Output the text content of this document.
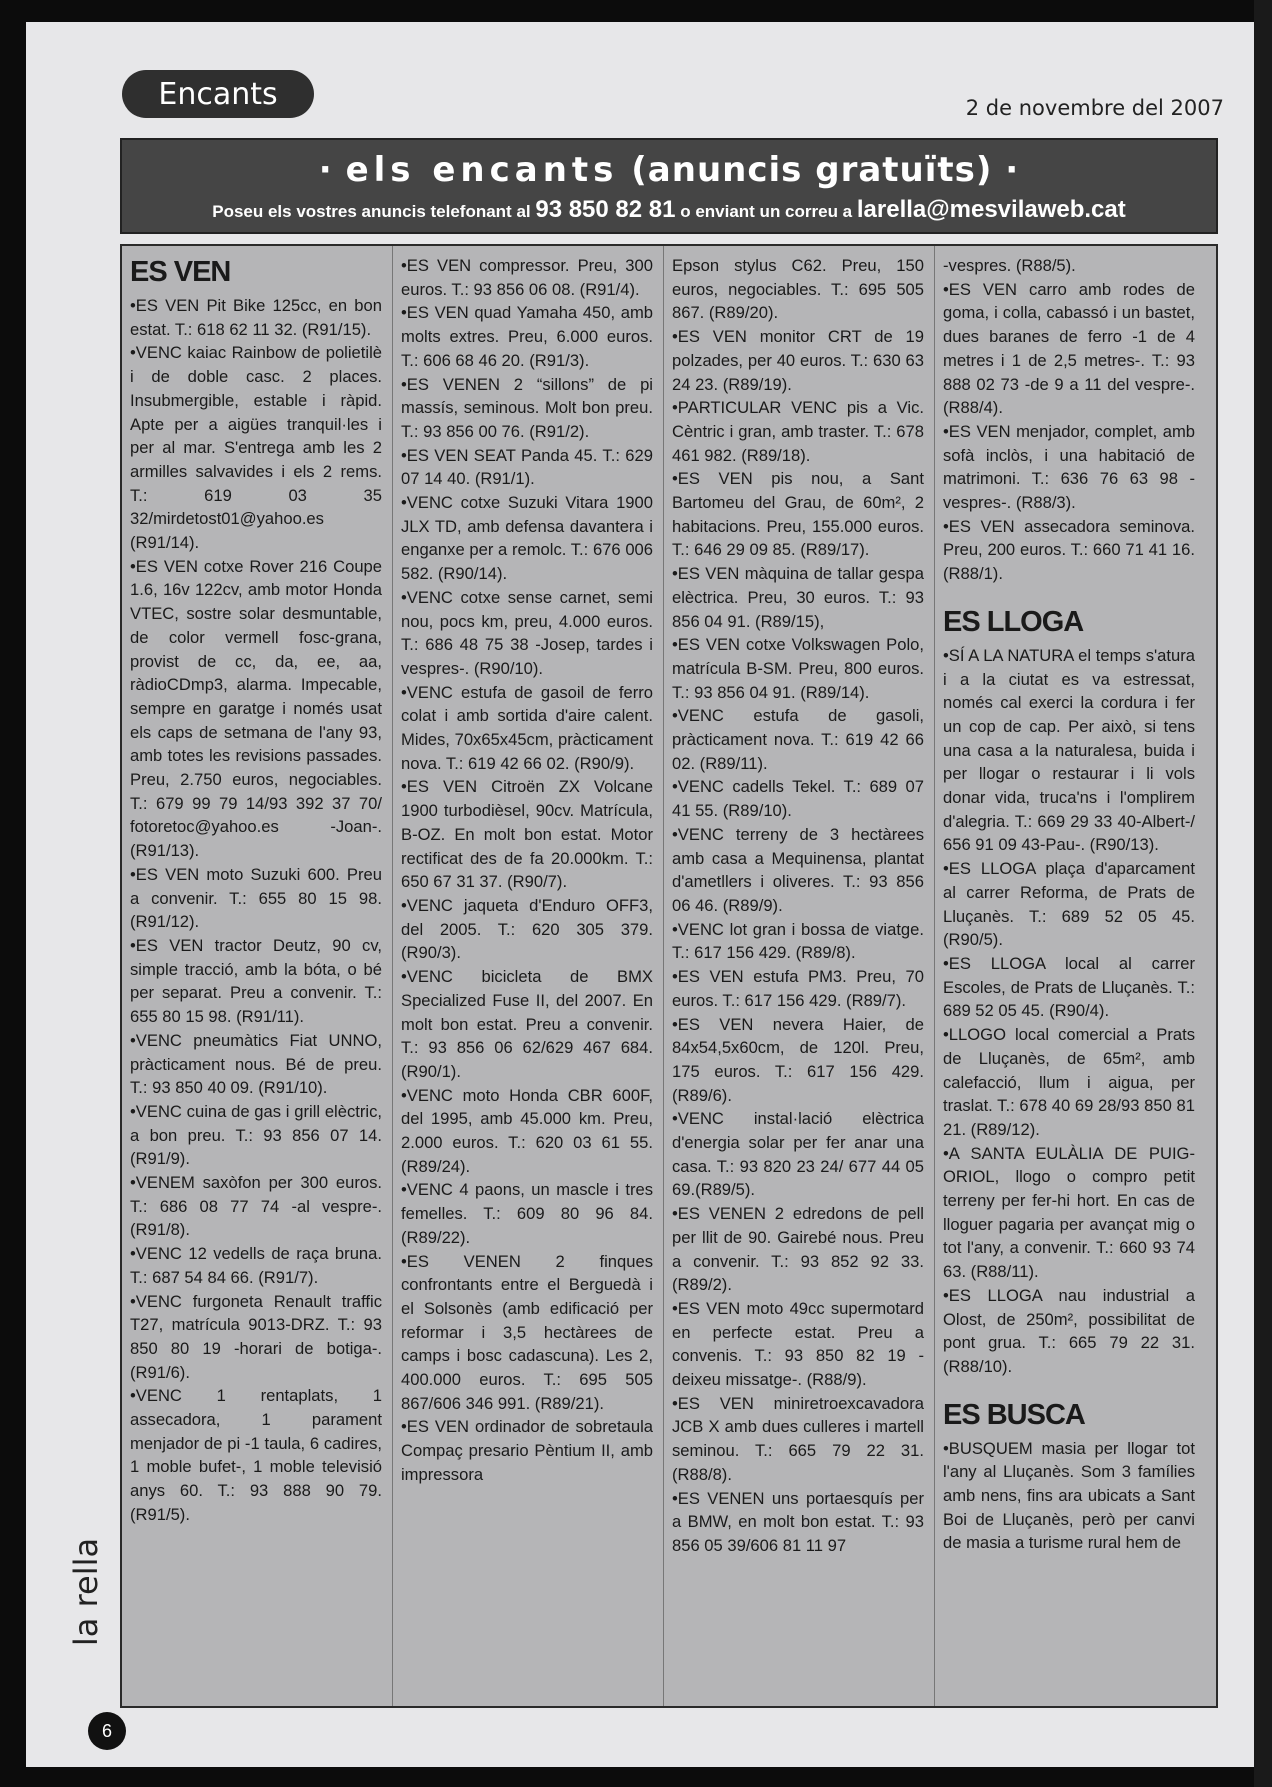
Encants	2 de novembre del 2007
· els encants (anuncis gratuïts) ·
Poseu els vostres anuncis telefonant al 93 850 82 81 o enviant un correu a larella@mesvilaweb.cat
ES VEN

•ES VEN Pit Bike 125cc, en bon estat. T.: 618 62 11 32. (R91/15).

•VENC kaiac Rainbow de polietilè i de doble casc. 2 places. Insubmergible, estable i ràpid. Apte per a aigües tranquil·les i per al mar. S'entrega amb les 2 armilles salvavides i els 2 rems. T.: 619 03 35 32/mirdetost01@yahoo.es (R91/14).

•ES VEN cotxe Rover 216 Coupe 1.6, 16v 122cv, amb motor Honda VTEC, sostre solar desmuntable, de color vermell fosc-grana, provist de cc, da, ee, aa, ràdioCDmp3, alarma. Impecable, sempre en garatge i només usat els caps de setmana de l'any 93, amb totes les revisions passades. Preu, 2.750 euros, negociables. T.: 679 99 79 14/93 392 37 70/ fotoretoc@yahoo.es -Joan-. (R91/13).

•ES VEN moto Suzuki 600. Preu a convenir. T.: 655 80 15 98. (R91/12).

•ES VEN tractor Deutz, 90 cv, simple tracció, amb la bóta, o bé per separat. Preu a convenir. T.: 655 80 15 98. (R91/11).

•VENC pneumàtics Fiat UNNO, pràcticament nous. Bé de preu. T.: 93 850 40 09. (R91/10).

•VENC cuina de gas i grill elèctric, a bon preu. T.: 93 856 07 14. (R91/9).

•VENEM saxòfon per 300 euros. T.: 686 08 77 74 -al vespre-. (R91/8).

•VENC 12 vedells de raça bruna. T.: 687 54 84 66. (R91/7).

•VENC furgoneta Renault traffic T27, matrícula 9013-DRZ. T.: 93 850 80 19 -horari de botiga-. (R91/6).

•VENC 1 rentaplats, 1 assecadora, 1 parament menjador de pi -1 taula, 6 cadires, 1 moble bufet-, 1 moble televisió anys 60. T.: 93 888 90 79. (R91/5).

•ES VEN compressor. Preu, 300 euros. T.: 93 856 06 08. (R91/4).

•ES VEN quad Yamaha 450, amb molts extres. Preu, 6.000 euros. T.: 606 68 46 20. (R91/3).

•ES VENEN 2 “sillons” de pi massís, seminous. Molt bon preu. T.: 93 856 00 76. (R91/2).

•ES VEN SEAT Panda 45. T.: 629 07 14 40. (R91/1).

•VENC cotxe Suzuki Vitara 1900 JLX TD, amb defensa davantera i enganxe per a remolc. T.: 676 006 582. (R90/14).

•VENC cotxe sense carnet, semi nou, pocs km, preu, 4.000 euros. T.: 686 48 75 38 -Josep, tardes i vespres-. (R90/10).

•VENC estufa de gasoil de ferro colat i amb sortida d'aire calent. Mides, 70x65x45cm, pràcticament nova. T.: 619 42 66 02. (R90/9).

•ES VEN Citroën ZX Volcane 1900 turbodièsel, 90cv. Matrícula, B-OZ. En molt bon estat. Motor rectificat des de fa 20.000km. T.: 650 67 31 37. (R90/7).

•VENC jaqueta d'Enduro OFF3, del 2005. T.: 620 305 379. (R90/3).

•VENC bicicleta de BMX Specialized Fuse II, del 2007. En molt bon estat. Preu a convenir. T.: 93 856 06 62/629 467 684. (R90/1).

•VENC moto Honda CBR 600F, del 1995, amb 45.000 km. Preu, 2.000 euros. T.: 620 03 61 55. (R89/24).

•VENC 4 paons, un mascle i tres femelles. T.: 609 80 96 84. (R89/22).

•ES VENEN 2 finques confrontants entre el Berguedà i el Solsonès (amb edificació per reformar i 3,5 hectàrees de camps i bosc cadascuna). Les 2, 400.000 euros. T.: 695 505 867/606 346 991. (R89/21).

•ES VEN ordinador de sobretaula Compaç presario Pèntium II, amb impressora

Epson stylus C62. Preu, 150 euros, negociables. T.: 695 505 867. (R89/20).

•ES VEN monitor CRT de 19 polzades, per 40 euros. T.: 630 63 24 23. (R89/19).

•PARTICULAR VENC pis a Vic. Cèntric i gran, amb traster. T.: 678 461 982. (R89/18).

•ES VEN pis nou, a Sant Bartomeu del Grau, de 60m², 2 habitacions. Preu, 155.000 euros. T.: 646 29 09 85. (R89/17).

•ES VEN màquina de tallar gespa elèctrica. Preu, 30 euros. T.: 93 856 04 91. (R89/15),

•ES VEN cotxe Volkswagen Polo, matrícula B-SM. Preu, 800 euros. T.: 93 856 04 91. (R89/14).

•VENC estufa de gasoli, pràcticament nova. T.: 619 42 66 02. (R89/11).

•VENC cadells Tekel. T.: 689 07 41 55. (R89/10).

•VENC terreny de 3 hectàrees amb casa a Mequinensa, plantat d'ametllers i oliveres. T.: 93 856 06 46. (R89/9).

•VENC lot gran i bossa de viatge. T.: 617 156 429. (R89/8).

•ES VEN estufa PM3. Preu, 70 euros. T.: 617 156 429. (R89/7).

•ES VEN nevera Haier, de 84x54,5x60cm, de 120l. Preu, 175 euros. T.: 617 156 429. (R89/6).

•VENC instal·lació elèctrica d'energia solar per fer anar una casa. T.: 93 820 23 24/ 677 44 05 69.(R89/5).

•ES VENEN 2 edredons de pell per llit de 90. Gairebé nous. Preu a convenir. T.: 93 852 92 33. (R89/2).

•ES VEN moto 49cc supermotard en perfecte estat. Preu a convenis. T.: 93 850 82 19 -deixeu missatge-. (R88/9).

•ES VEN miniretroexcavadora JCB X amb dues culleres i martell seminou. T.: 665 79 22 31. (R88/8).

•ES VENEN uns portaesquís per a BMW, en molt bon estat. T.: 93 856 05 39/606 81 11 97

-vespres. (R88/5).

•ES VEN carro amb rodes de goma, i colla, cabassó i un bastet, dues baranes de ferro -1 de 4 metres i 1 de 2,5 metres-. T.: 93 888 02 73 -de 9 a 11 del vespre-. (R88/4).

•ES VEN menjador, complet, amb sofà inclòs, i una habitació de matrimoni. T.: 636 76 63 98 -vespres-. (R88/3).

•ES VEN assecadora seminova. Preu, 200 euros. T.: 660 71 41 16. (R88/1).

ES LLOGA

•SÍ A LA NATURA el temps s'atura i a la ciutat es va estressat, només cal exerci la cordura i fer un cop de cap. Per això, si tens una casa a la naturalesa, buida i per llogar o restaurar i li vols donar vida, truca'ns i l'omplirem d'alegria. T.: 669 29 33 40-Albert-/ 656 91 09 43-Pau-. (R90/13).

•ES LLOGA plaça d'aparcament al carrer Reforma, de Prats de Lluçanès. T.: 689 52 05 45. (R90/5).

•ES LLOGA local al carrer Escoles, de Prats de Lluçanès. T.: 689 52 05 45. (R90/4).

•LLOGO local comercial a Prats de Lluçanès, de 65m², amb calefacció, llum i aigua, per traslat. T.: 678 40 69 28/93 850 81 21. (R89/12).

•A SANTA EULÀLIA DE PUIG-ORIOL, llogo o compro petit terreny per fer-hi hort. En cas de lloguer pagaria per avançat mig o tot l'any, a convenir. T.: 660 93 74 63. (R88/11).

•ES LLOGA nau industrial a Olost, de 250m², possibilitat de pont grua. T.: 665 79 22 31. (R88/10).

ES BUSCA

•BUSQUEM masia per llogar tot l'any al Lluçanès. Som 3 famílies amb nens, fins ara ubicats a Sant Boi de Lluçanès, però per canvi de masia a turisme rural hem de

la rella
6
